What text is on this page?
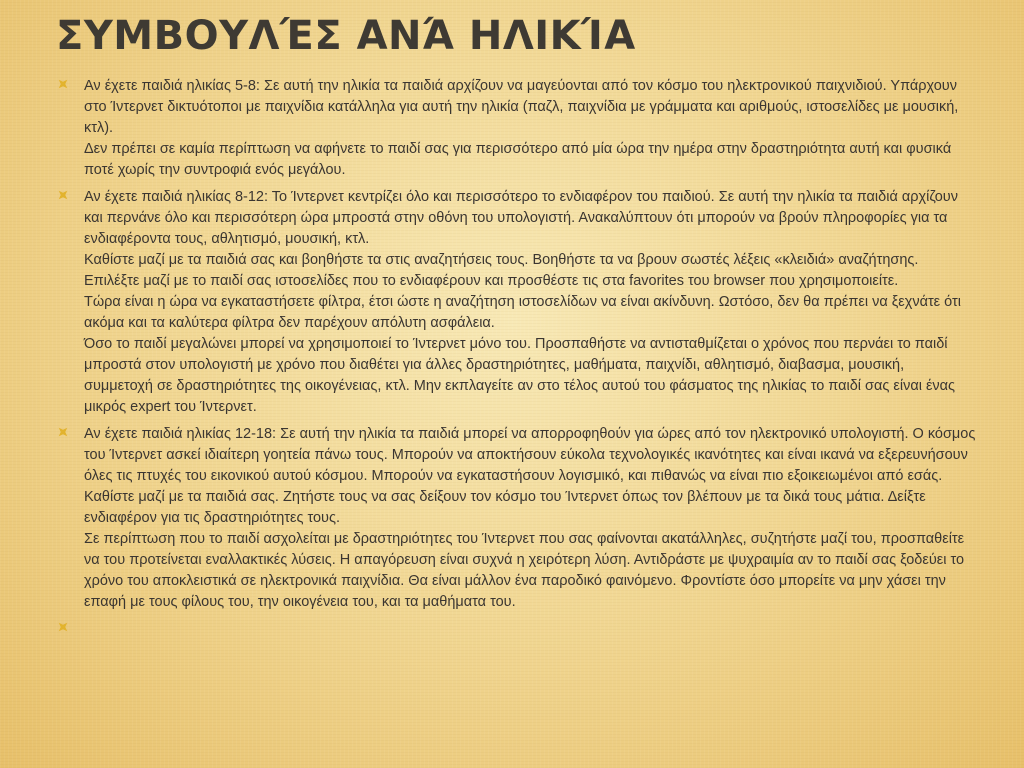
ΣΥΜΒΟΥΛΈΣ ΑΝΆ ΗΛΙΚΊΑ

Αν έχετε παιδιά ηλικίας 5-8: Σε αυτή την ηλικία τα παιδιά αρχίζουν να μαγεύονται από τον κόσμο του ηλεκτρονικού παιχνιδιού. Υπάρχουν στο Ίντερνετ δικτυότοποι με παιχνίδια κατάλληλα για αυτή την ηλικία (παζλ, παιχνίδια με γράμματα και αριθμούς, ιστοσελίδες με μουσική, κτλ).

Δεν πρέπει σε καμία περίπτωση να αφήνετε το παιδί σας για περισσότερο από μία ώρα την ημέρα στην δραστηριότητα αυτή και φυσικά ποτέ χωρίς την συντροφιά ενός μεγάλου.

Αν έχετε παιδιά ηλικίας 8-12: Το Ίντερνετ κεντρίζει όλο και περισσότερο το ενδιαφέρον του παιδιού. Σε αυτή την ηλικία τα παιδιά αρχίζουν και περνάνε όλο και περισσότερη ώρα μπροστά στην οθόνη του υπολογιστή. Ανακαλύπτουν ότι μπορούν να βρούν πληροφορίες για τα ενδιαφέροντα τους, αθλητισμό, μουσική, κτλ.

Καθίστε μαζί με τα παιδιά σας και βοηθήστε τα στις αναζητήσεις τους. Βοηθήστε τα να βρουν σωστές λέξεις «κλειδιά» αναζήτησης. Επιλέξτε μαζί με το παιδί σας ιστοσελίδες που το ενδιαφέρουν και προσθέστε τις στα favorites του browser που χρησιμοποιείτε.

Τώρα είναι η ώρα να εγκαταστήσετε φίλτρα, έτσι ώστε η αναζήτηση ιστοσελίδων να είναι ακίνδυνη. Ωστόσο, δεν θα πρέπει να ξεχνάτε ότι ακόμα και τα καλύτερα φίλτρα δεν παρέχουν απόλυτη ασφάλεια.

Όσο το παιδί μεγαλώνει μπορεί να χρησιμοποιεί το Ίντερνετ μόνο του. Προσπαθήστε να αντισταθμίζεται ο χρόνος που περνάει το παιδί μπροστά στον υπολογιστή με χρόνο που διαθέτει για άλλες δραστηριότητες, μαθήματα, παιχνίδι, αθλητισμό, διαβασμα, μουσική, συμμετοχή σε δραστηριότητες της οικογένειας, κτλ. Μην εκπλαγείτε αν στο τέλος αυτού του φάσματος της ηλικίας το παιδί σας είναι ένας μικρός expert του Ίντερνετ.

Αν έχετε παιδιά ηλικίας 12-18: Σε αυτή την ηλικία τα παιδιά μπορεί να απορροφηθούν για ώρες από τον ηλεκτρονικό υπολογιστή. Ο κόσμος του Ίντερνετ ασκεί ιδιαίτερη γοητεία πάνω τους. Μπορούν να αποκτήσουν εύκολα τεχνολογικές ικανότητες και είναι ικανά να εξερευνήσουν όλες τις πτυχές του εικονικού αυτού κόσμου. Μπορούν να εγκαταστήσουν λογισμικό, και πιθανώς να είναι πιο εξοικειωμένοι από εσάς.

Καθίστε μαζί με τα παιδιά σας. Ζητήστε τους να σας δείξουν τον κόσμο του Ίντερνετ όπως τον βλέπουν με τα δικά τους μάτια. Δείξτε ενδιαφέρον για τις δραστηριότητες τους.

Σε περίπτωση που το παιδί ασχολείται με δραστηριότητες του Ίντερνετ που σας φαίνονται ακατάλληλες, συζητήστε μαζί του, προσπαθείτε να του προτείνεται εναλλακτικές λύσεις. Η απαγόρευση είναι συχνά η χειρότερη λύση. Αντιδράστε με ψυχραιμία αν το παιδί σας ξοδεύει το χρόνο του αποκλειστικά σε ηλεκτρονικά παιχνίδια. Θα είναι μάλλον ένα παροδικό φαινόμενο. Φροντίστε όσο μπορείτε να μην χάσει την επαφή με τους φίλους του, την οικογένεια του, και τα μαθήματα του.
